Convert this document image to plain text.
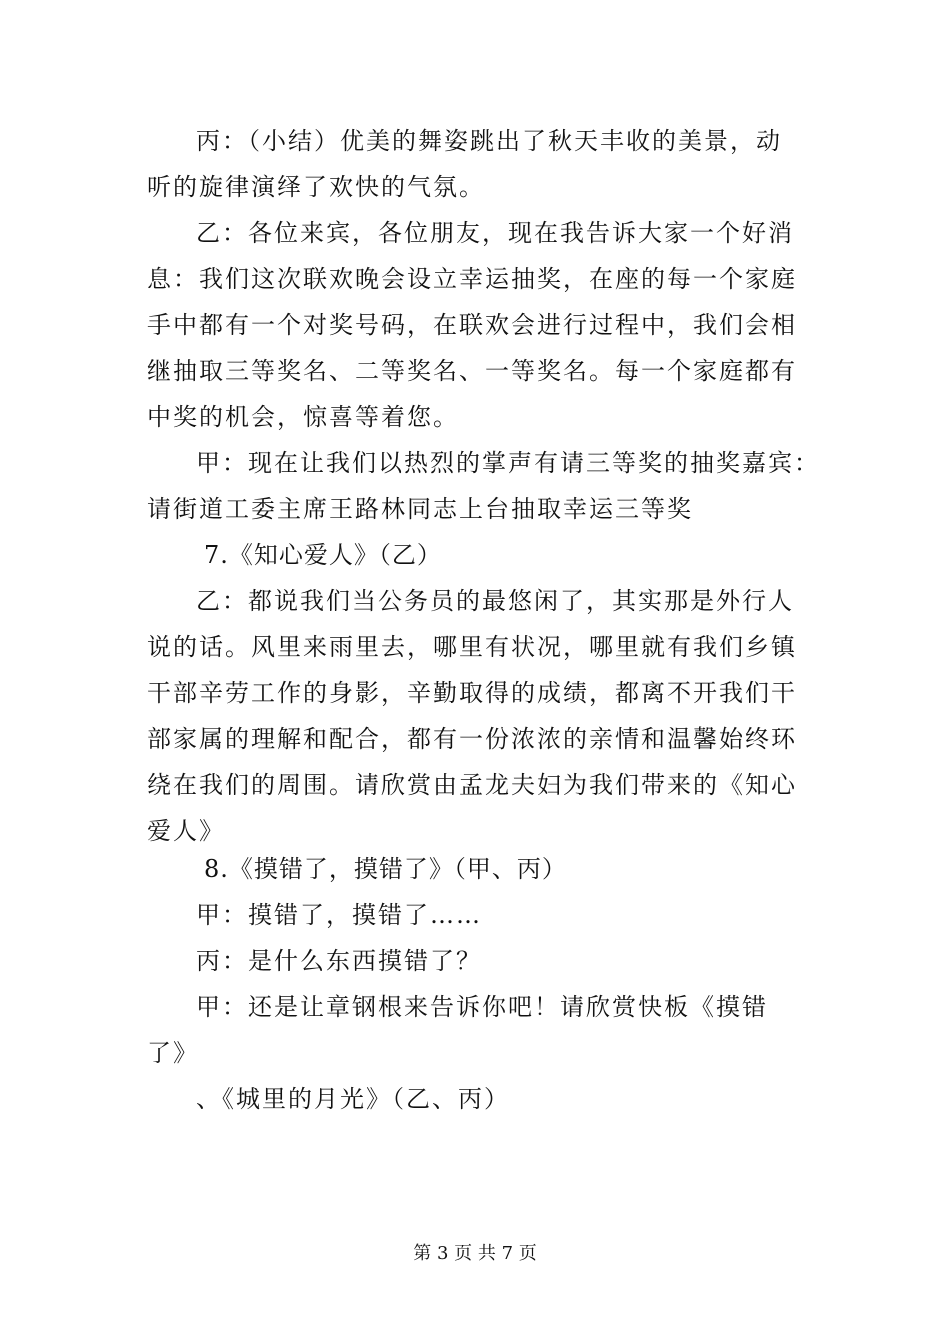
丙：（小结）优美的舞姿跳出了秋天丰收的美景，动
听的旋律演绎了欢快的气氛。
乙：各位来宾，各位朋友，现在我告诉大家一个好消
息：我们这次联欢晚会设立幸运抽奖，在座的每一个家庭
手中都有一个对奖号码，在联欢会进行过程中，我们会相
继抽取三等奖名、二等奖名、一等奖名。每一个家庭都有
中奖的机会，惊喜等着您。
甲：现在让我们以热烈的掌声有请三等奖的抽奖嘉宾：
请街道工委主席王路林同志上台抽取幸运三等奖
7.《知心爱人》（乙）
乙：都说我们当公务员的最悠闲了，其实那是外行人
说的话。风里来雨里去，哪里有状况，哪里就有我们乡镇
干部辛劳工作的身影，辛勤取得的成绩，都离不开我们干
部家属的理解和配合，都有一份浓浓的亲情和温馨始终环
绕在我们的周围。请欣赏由孟龙夫妇为我们带来的《知心
爱人》
8.《摸错了，摸错了》（甲、丙）
甲：摸错了，摸错了……
丙：是什么东西摸错了？
甲：还是让章钢根来告诉你吧！请欣赏快板《摸错
了》
、《城里的月光》（乙、丙）
第 3 页 共 7 页
